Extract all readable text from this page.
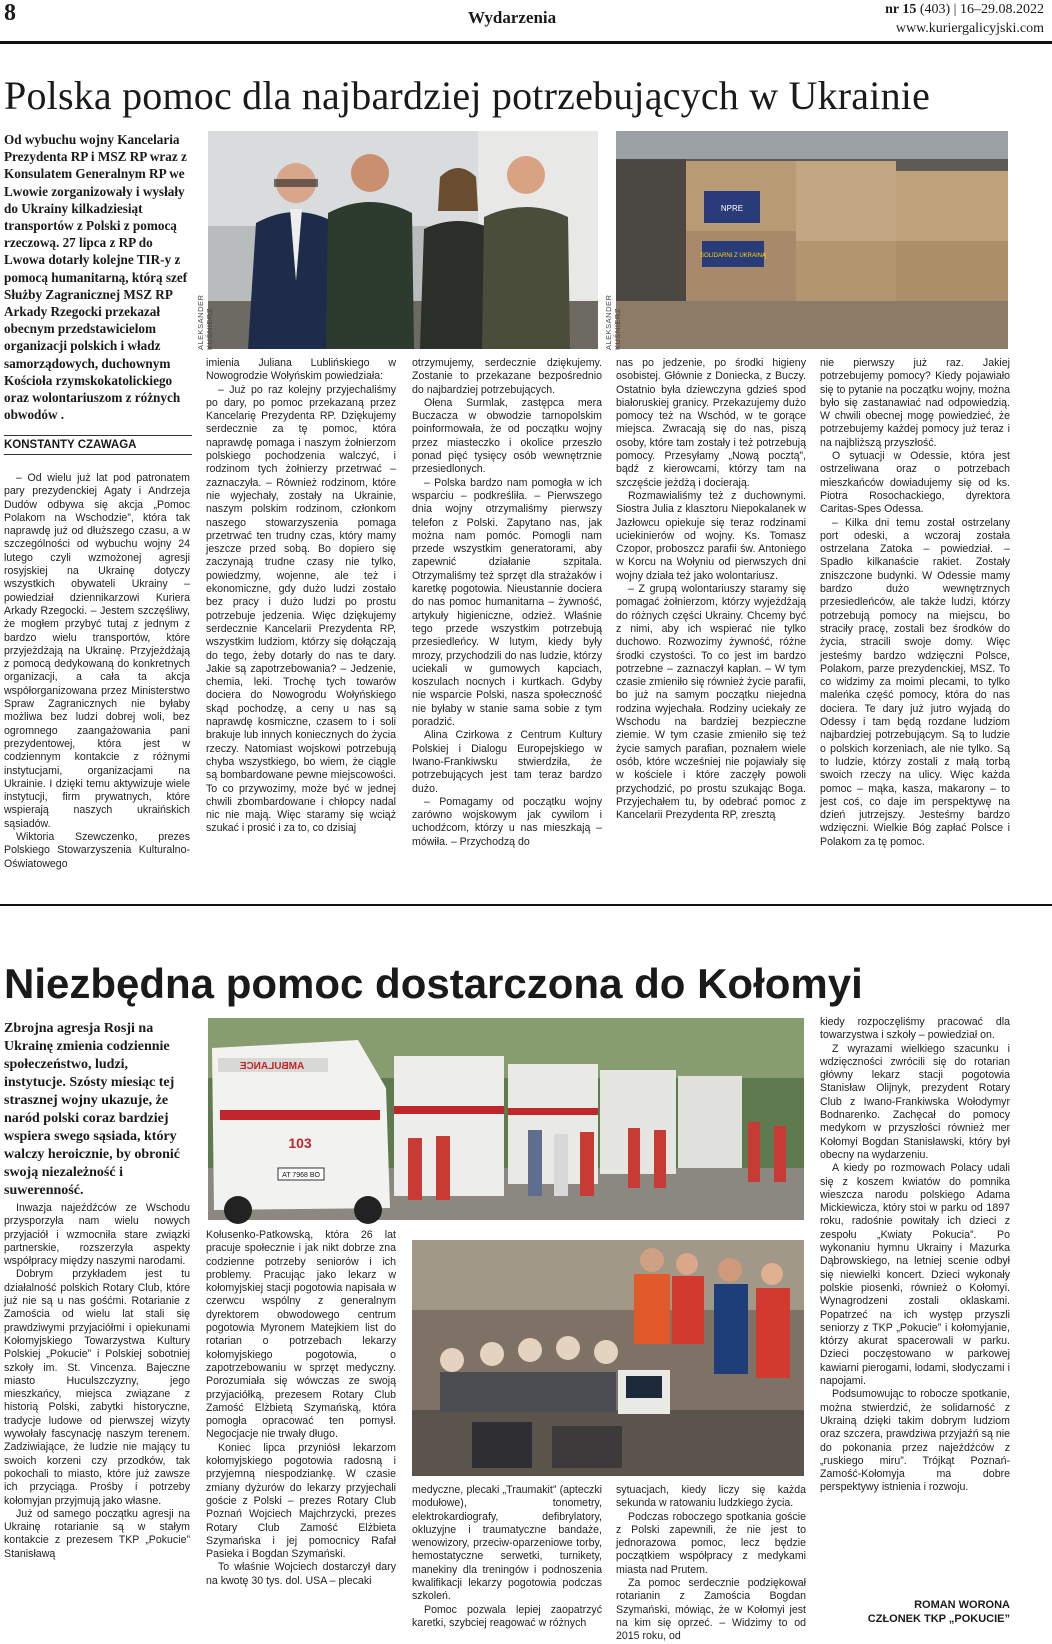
8	Wydarzenia	nr 15 (403) | 16–29.08.2022
www.kuriergalicyjski.com
Polska pomoc dla najbardziej potrzebujących w Ukrainie
Od wybuchu wojny Kancelaria Prezydenta RP i MSZ RP wraz z Konsulatem Generalnym RP we Lwowie zorganizowały i wysłały do Ukrainy kilkadziesiąt transportów z Polski z pomocą rzeczową. 27 lipca z RP do Lwowa dotarły kolejne TIR-y z pomocą humanitarną, którą szef Służby Zagranicznej MSZ RP Arkady Rzegocki przekazał obecnym przedstawicielom organizacji polskich i władz samorządowych, duchownym Kościoła rzymskokatolickiego oraz wolontariuszom z różnych obwodów .
KONSTANTY CZAWAGA
ALEKSANDER KUŚNIERZ
NPRE
SOLIDARNI Z UKRAINĄ
ALEKSANDER KUŚNIERZ

– Od wielu już lat pod patronatem pary prezydenckiej Agaty i Andrzeja Dudów odbywa się akcja „Pomoc Polakom na Wschodzie”, która tak naprawdę już od dłuższego czasu, a w szczególności od wybuchu wojny 24 lutego czyli wzmożonej agresji rosyjskiej na Ukrainę dotyczy wszystkich obywateli Ukrainy – powiedział dziennikarzowi Kuriera Arkady Rzegocki. – Jestem szczęśliwy, że mogłem przybyć tutaj z jednym z bardzo wielu transportów, które przyjeżdżają na Ukrainę. Przyjeżdżają z pomocą dedykowaną do konkretnych organizacji, a cała ta akcja współorganizowana przez Ministerstwo Spraw Zagranicznych nie byłaby możliwa bez ludzi dobrej woli, bez ogromnego zaangażowania pani prezydentowej, która jest w codziennym kontakcie z różnymi instytucjami, organizacjami na Ukrainie. I dzięki temu aktywizuje wiele instytucji, firm prywatnych, które wspierają naszych ukraińskich sąsiadów.

Wiktoria Szewczenko, prezes Polskiego Stowarzyszenia Kulturalno-Oświatowego

imienia Juliana Lublińskiego w Nowogrodzie Wołyńskim powiedziała:

– Już po raz kolejny przyjechaliśmy po dary, po pomoc przekazaną przez Kancelarię Prezydenta RP. Dziękujemy serdecznie za tę pomoc, która naprawdę pomaga i naszym żołnierzom polskiego pochodzenia walczyć, i rodzinom tych żołnierzy przetrwać – zaznaczyła. – Również rodzinom, które nie wyjechały, zostały na Ukrainie, naszym polskim rodzinom, członkom naszego stowarzyszenia pomaga przetrwać ten trudny czas, który mamy jeszcze przed sobą. Bo dopiero się zaczynają trudne czasy nie tylko, powiedzmy, wojenne, ale też i ekonomiczne, gdy dużo ludzi zostało bez pracy i dużo ludzi po prostu potrzebuje jedzenia. Więc dziękujemy serdecznie Kancelarii Prezydenta RP, wszystkim ludziom, którzy się dołączają do tego, żeby dotarły do nas te dary. Jakie są zapotrzebowania? – Jedzenie, chemia, leki. Trochę tych towarów dociera do Nowogrodu Wołyńskiego skąd pochodzę, a ceny u nas są naprawdę kosmiczne, czasem to i soli brakuje lub innych koniecznych do życia rzeczy. Natomiast wojskowi potrzebują chyba wszystkiego, bo wiem, że ciągle są bombardowane pewne miejscowości. To co przywozimy, może być w jednej chwili zbombardowane i chłopcy nadal nic nie mają. Więc staramy się wciąż szukać i prosić i za to, co dzisiaj

otrzymujemy, serdecznie dziękujemy. Zostanie to przekazane bezpośrednio do najbardziej potrzebujących.

Ołena Surmlak, zastępca mera Buczacza w obwodzie tarnopolskim poinformowała, że od początku wojny przez miasteczko i okolice przeszło ponad pięć tysięcy osób wewnętrznie przesiedlonych.

– Polska bardzo nam pomogła w ich wsparciu – podkreśliła. – Pierwszego dnia wojny otrzymaliśmy pierwszy telefon z Polski. Zapytano nas, jak można nam pomóc. Pomogli nam przede wszystkim generatorami, aby zapewnić działanie szpitala. Otrzymaliśmy też sprzęt dla strażaków i karetkę pogotowia. Nieustannie dociera do nas pomoc humanitarna – żywność, artykuły higieniczne, odzież. Właśnie tego przede wszystkim potrzebują przesiedleńcy. W lutym, kiedy były mrozy, przychodzili do nas ludzie, którzy uciekali w gumowych kapciach, koszulach nocnych i kurtkach. Gdyby nie wsparcie Polski, nasza społeczność nie byłaby w stanie sama sobie z tym poradzić.

Alina Czirkowa z Centrum Kultury Polskiej i Dialogu Europejskiego w Iwano-Frankiwsku stwierdziła, że potrzebujących jest tam teraz bardzo dużo.

– Pomagamy od początku wojny zarówno wojskowym jak cywilom i uchodźcom, którzy u nas mieszkają – mówiła. – Przychodzą do

nas po jedzenie, po środki higieny osobistej. Głównie z Doniecka, z Buczy. Ostatnio była dziewczyna gdzieś spod białoruskiej granicy. Przekazujemy dużo pomocy też na Wschód, w te gorące miejsca. Zwracają się do nas, piszą osoby, które tam zostały i też potrzebują pomocy. Przesyłamy „Nową pocztą”, bądź z kierowcami, którzy tam na szczęście jeżdżą i docierają.

Rozmawialiśmy też z duchownymi. Siostra Julia z klasztoru Niepokalanek w Jazłowcu opiekuje się teraz rodzinami uciekinierów od wojny. Ks. Tomasz Czopor, proboszcz parafii św. Antoniego w Korcu na Wołyniu od pierwszych dni wojny działa też jako wolontariusz.

– Z grupą wolontariuszy staramy się pomagać żołnierzom, którzy wyjeżdżają do różnych części Ukrainy. Chcemy być z nimi, aby ich wspierać nie tylko duchowo. Rozwozimy żywność, różne środki czystości. To co jest im bardzo potrzebne – zaznaczył kapłan. – W tym czasie zmieniło się również życie parafii, bo już na samym początku niejedna rodzina wyjechała. Rodziny uciekały ze Wschodu na bardziej bezpieczne ziemie. W tym czasie zmieniło się też życie samych parafian, poznałem wiele osób, które wcześniej nie pojawiały się w kościele i które zaczęły powoli przychodzić, po prostu szukając Boga. Przyjechałem tu, by odebrać pomoc z Kancelarii Prezydenta RP, zresztą

nie pierwszy już raz. Jakiej potrzebujemy pomocy? Kiedy pojawiało się to pytanie na początku wojny, można było się zastanawiać nad odpowiedzią. W chwili obecnej mogę powiedzieć, że potrzebujemy każdej pomocy już teraz i na najbliższą przyszłość.

O sytuacji w Odessie, która jest ostrzeliwana oraz o potrzebach mieszkańców dowiadujemy się od ks. Piotra Rosochackiego, dyrektora Caritas-Spes Odessa.

– Kilka dni temu został ostrzelany port odeski, a wczoraj została ostrzelana Zatoka – powiedział. – Spadło kilkanaście rakiet. Zostały zniszczone budynki. W Odessie mamy bardzo dużo wewnętrznych przesiedleńców, ale także ludzi, którzy potrzebują pomocy na miejscu, bo straciły pracę, zostali bez środków do życia, stracili swoje domy. Więc jesteśmy bardzo wdzięczni Polsce, Polakom, parze prezydenckiej, MSZ. To co widzimy za moimi plecami, to tylko maleńka część pomocy, która do nas dociera. Te dary już jutro wyjadą do Odessy i tam będą rozdane ludziom najbardziej potrzebującym. Są to ludzie o polskich korzeniach, ale nie tylko. Są to ludzie, którzy zostali z małą torbą swoich rzeczy na ulicy. Więc każda pomoc – mąka, kasza, makarony – to jest coś, co daje im perspektywę na dzień jutrzejszy. Jesteśmy bardzo wdzięczni. Wielkie Bóg zapłać Polsce i Polakom za tę pomoc.

Niezbędna pomoc dostarczona do Kołomyi
Zbrojna agresja Rosji na Ukrainę zmienia codziennie społeczeństwo, ludzi, instytucje. Szósty miesiąc tej strasznej wojny ukazuje, że naród polski coraz bardziej wspiera swego sąsiada, który walczy heroicznie, by obronić swoją niezależność i suwerenność.
AMBULANCE
103
AT 7968 BO

Inwazja najeźdźców ze Wschodu przysporzyła nam wielu nowych przyjaciół i wzmocniła stare związki partnerskie, rozszerzyła aspekty współpracy między naszymi narodami.

Dobrym przykładem jest tu działalność polskich Rotary Club, które już nie są u nas gośćmi. Rotarianie z Zamościa od wielu lat stali się prawdziwymi przyjaciółmi i opiekunami Kołomyjskiego Towarzystwa Kultury Polskiej „Pokucie” i Polskiej sobotniej szkoły im. St. Vincenza. Bajeczne miasto Huculszczyzny, jego mieszkańcy, miejsca związane z historią Polski, zabytki historyczne, tradycje ludowe od pierwszej wizyty wywołały fascynację naszym terenem. Zadziwiające, że ludzie nie mający tu swoich korzeni czy przodków, tak pokochali to miasto, które już zawsze ich przyciąga. Prośby i potrzeby kołomyjan przyjmują jako własne.

Już od samego początku agresji na Ukrainę rotarianie są w stałym kontakcie z prezesem TKP „Pokucie” Stanisławą

Kołusenko-Patkowską, która 26 lat pracuje społecznie i jak nikt dobrze zna codzienne potrzeby seniorów i ich problemy. Pracując jako lekarz w kołomyjskiej stacji pogotowia napisała w czerwcu wspólny z generalnym dyrektorem obwodowego centrum pogotowia Myronem Matejkiem list do rotarian o potrzebach lekarzy kołomyjskiego pogotowia, o zapotrzebowaniu w sprzęt medyczny. Porozumiała się wówczas ze swoją przyjaciółką, prezesem Rotary Club Zamość Elżbietą Szymańską, która pomogła opracować ten pomysł. Negocjacje nie trwały długo.

Koniec lipca przyniósł lekarzom kołomyjskiego pogotowia radosną i przyjemną niespodziankę. W czasie zmiany dyżurów do lekarzy przyjechali goście z Polski – prezes Rotary Club Poznań Wojciech Majchrzycki, prezes Rotary Club Zamość Elżbieta Szymańska i jej pomocnicy Rafał Pasieka i Bogdan Szymański.

To właśnie Wojciech dostarczył dary na kwotę 30 tys. dol. USA – plecaki

medyczne, plecaki „Traumakit” (apteczki modułowe), tonometry, elektrokardiografy, defibrylatory, okluzyjne i traumatyczne bandaże, wenowizory, przeciw-oparzeniowe torby, hemostatyczne serwetki, turnikety, manekiny dla treningów i podnoszenia kwalifikacji lekarzy pogotowia podczas szkoleń.

Pomoc pozwala lepiej zaopatrzyć karetki, szybciej reagować w różnych

sytuacjach, kiedy liczy się każda sekunda w ratowaniu ludzkiego życia.

Podczas roboczego spotkania goście z Polski zapewnili, że nie jest to jednorazowa pomoc, lecz będzie początkiem współpracy z medykami miasta nad Prutem.

Za pomoc serdecznie podziękował rotarianin z Zamościa Bogdan Szymański, mówiąc, że w Kołomyi jest na kim się oprzeć. – Widzimy to od 2015 roku, od

kiedy rozpoczęliśmy pracować dla towarzystwa i szkoły – powiedział on.

Z wyrazami wielkiego szacunku i wdzięczności zwrócili się do rotarian główny lekarz stacji pogotowia Stanisław Olijnyk, prezydent Rotary Club z Iwano-Frankiwska Wołodymyr Bodnarenko. Zachęcał do pomocy medykom w przyszłości również mer Kołomyi Bogdan Stanisławski, który był obecny na wydarzeniu.

A kiedy po rozmowach Polacy udali się z koszem kwiatów do pomnika wieszcza narodu polskiego Adama Mickiewicza, który stoi w parku od 1897 roku, radośnie powitały ich dzieci z zespołu „Kwiaty Pokucia”. Po wykonaniu hymnu Ukrainy i Mazurka Dąbrowskiego, na letniej scenie odbył się niewielki koncert. Dzieci wykonały polskie piosenki, również o Kołomyi. Wynagrodzeni zostali oklaskami. Popatrzeć na ich występ przyszli seniorzy z TKP „Pokucie” i kołomyjanie, którzy akurat spacerowali w parku. Dzieci poczęstowano w parkowej kawiarni pierogami, lodami, słodyczami i napojami.

Podsumowując to robocze spotkanie, można stwierdzić, że solidarność z Ukrainą dzięki takim dobrym ludziom oraz szczera, prawdziwa przyjaźń są nie do pokonania przez najeźdźców z „ruskiego miru”. Trójkąt Poznań-Zamość-Kołomyja ma dobre perspektywy istnienia i rozwoju.

ROMAN WORONA
CZŁONEK TKP „POKUCIE”
